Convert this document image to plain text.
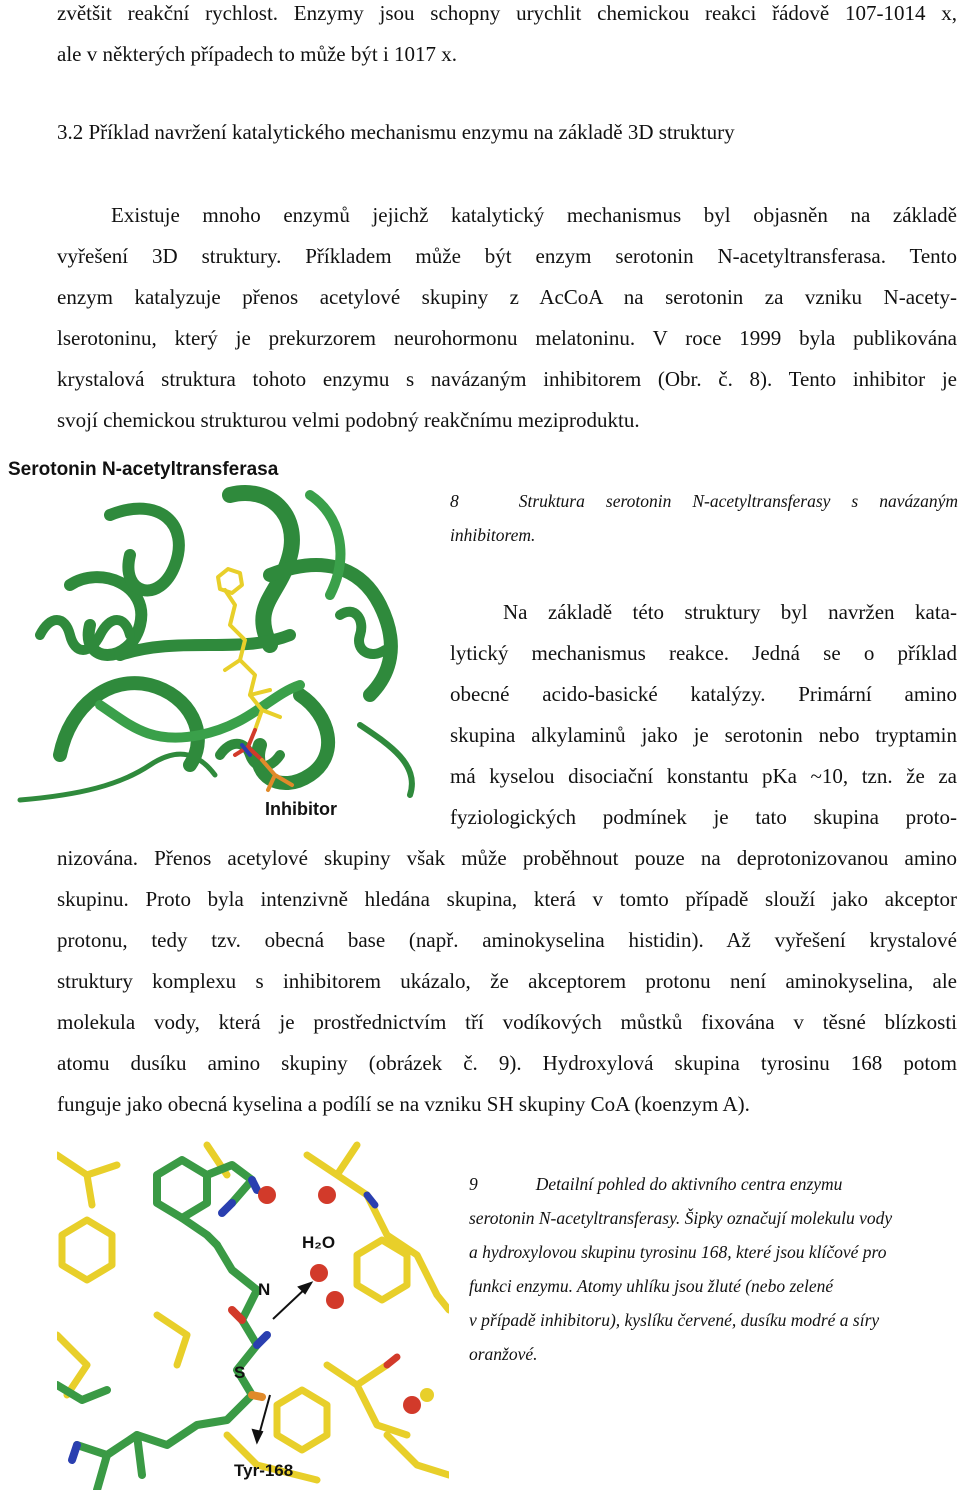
zvětšit reakční rychlost. Enzymy jsou schopny urychlit chemickou reakci řádově 107-1014 x,
ale v některých případech to může být i 1017 x.
3.2 Příklad navržení katalytického mechanismu enzymu na základě 3D struktury
Existuje mnoho enzymů jejichž katalytický mechanismus byl objasněn na základě
vyřešení 3D struktury. Příkladem může být enzym serotonin N-acetyltransferasa. Tento
enzym katalyzuje přenos acetylové skupiny z AcCoA na serotonin za vzniku N-acety-
lserotoninu, který je prekurzorem neurohormonu melatoninu. V roce 1999 byla publikována
krystalová struktura tohoto enzymu s navázaným inhibitorem (Obr. č. 8). Tento inhibitor je
svojí chemickou strukturou velmi podobný reakčnímu meziproduktu.
Serotonin N-acetyltransferasa
Inhibitor
8	Struktura serotonin N-acetyltransferasy s navázaným
inhibitorem.
Na základě této struktury byl navržen kata-
lytický mechanismus reakce. Jedná se o příklad
obecné acido-basické katalýzy. Primární amino
skupina alkylaminů jako je serotonin nebo tryptamin
má kyselou disociační konstantu pKa ~10, tzn. že za
fyziologických podmínek je tato skupina proto-
nizována. Přenos acetylové skupiny však může proběhnout pouze na deprotonizovanou amino
skupinu. Proto byla intenzivně hledána skupina, která v tomto případě slouží jako akceptor
protonu, tedy tzv. obecná base (např. aminokyselina histidin). Až vyřešení krystalové
struktury komplexu s inhibitorem ukázalo, že akceptorem protonu není aminokyselina, ale
molekula vody, která je prostřednictvím tří vodíkových můstků fixována v těsné blízkosti
atomu dusíku amino skupiny (obrázek č. 9). Hydroxylová skupina tyrosinu 168 potom
funguje jako obecná kyselina a podílí se na vzniku SH skupiny CoA (koenzym A).
H₂O
N
S
Tyr-168
9	Detailní pohled do aktivního centra enzymu
serotonin N-acetyltransferasy. Šipky označují molekulu vody
a hydroxylovou skupinu tyrosinu 168, které jsou klíčové pro
funkci enzymu. Atomy uhlíku jsou žluté (nebo zelené
v případě inhibitoru), kyslíku červené, dusíku modré a síry
oranžové.
